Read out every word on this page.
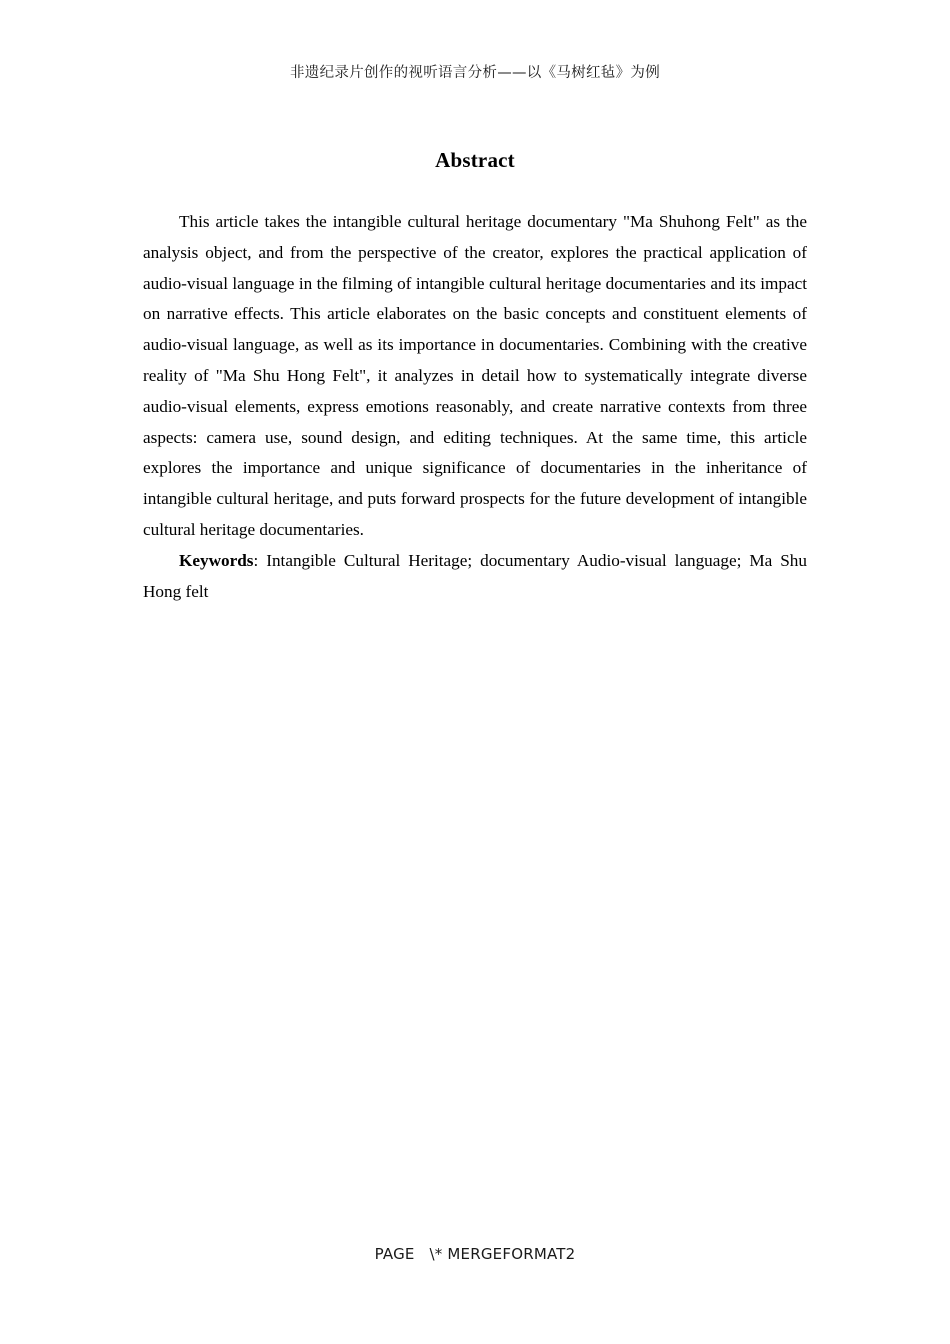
非遗纪录片创作的视听语言分析——以《马树红毡》为例
Abstract

This article takes the intangible cultural heritage documentary "Ma Shuhong Felt" as the analysis object, and from the perspective of the creator, explores the practical application of audio-visual language in the filming of intangible cultural heritage documentaries and its impact on narrative effects. This article elaborates on the basic concepts and constituent elements of audio-visual language, as well as its importance in documentaries. Combining with the creative reality of "Ma Shu Hong Felt", it analyzes in detail how to systematically integrate diverse audio-visual elements, express emotions reasonably, and create narrative contexts from three aspects: camera use, sound design, and editing techniques. At the same time, this article explores the importance and unique significance of documentaries in the inheritance of intangible cultural heritage, and puts forward prospects for the future development of intangible cultural heritage documentaries.

Keywords: Intangible Cultural Heritage; documentary Audio-visual language; Ma Shu Hong felt

PAGE   \* MERGEFORMAT2
